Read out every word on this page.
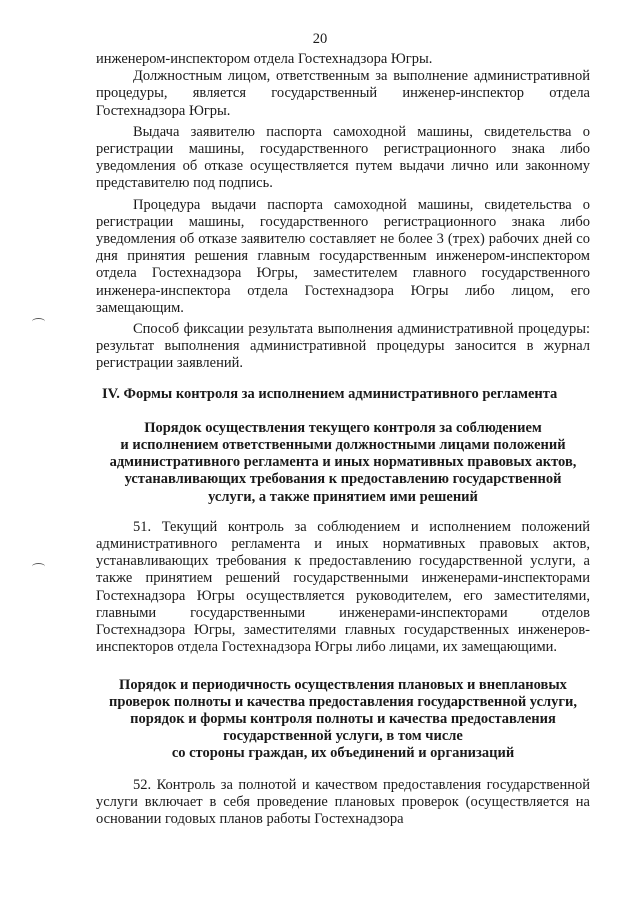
20

инженером-инспектором отдела Гостехнадзора Югры.

Должностным лицом, ответственным за выполнение административной процедуры, является государственный инженер-инспектор отдела Гостехнадзора Югры.

Выдача заявителю паспорта самоходной машины, свидетельства о регистрации машины, государственного регистрационного знака либо уведомления об отказе осуществляется путем выдачи лично или законному представителю под подпись.

Процедура выдачи паспорта самоходной машины, свидетельства о регистрации машины, государственного регистрационного знака либо уведомления об отказе заявителю составляет не более 3 (трех) рабочих дней со дня принятия решения главным государственным инженером-инспектором отдела Гостехнадзора Югры, заместителем главного государственного инженера-инспектора отдела Гостехнадзора Югры либо лицом, его замещающим.

Способ фиксации результата выполнения административной процедуры: результат выполнения административной процедуры заносится в журнал регистрации заявлений.

IV. Формы контроля за исполнением административного регламента

Порядок осуществления текущего контроля за соблюдением

и исполнением ответственными должностными лицами положений

административного регламента и иных нормативных правовых актов,

устанавливающих требования к предоставлению государственной

услуги, а также принятием ими решений

51. Текущий контроль за соблюдением и исполнением положений административного регламента и иных нормативных правовых актов, устанавливающих требования к предоставлению государственной услуги, а также принятием решений государственными инженерами-инспекторами Гостехнадзора Югры осуществляется руководителем, его заместителями, главными государственными инженерами-инспекторами отделов Гостехнадзора Югры, заместителями главных государственных инженеров-инспекторов отдела Гостехнадзора Югры либо лицами, их замещающими.

Порядок и периодичность осуществления плановых и внеплановых

проверок полноты и качества предоставления государственной услуги,

порядок и формы контроля полноты и качества предоставления

государственной услуги, в том числе

со стороны граждан, их объединений и организаций

52. Контроль за полнотой и качеством предоставления государственной услуги включает в себя проведение плановых проверок (осуществляется на основании годовых планов работы Гостехнадзора
